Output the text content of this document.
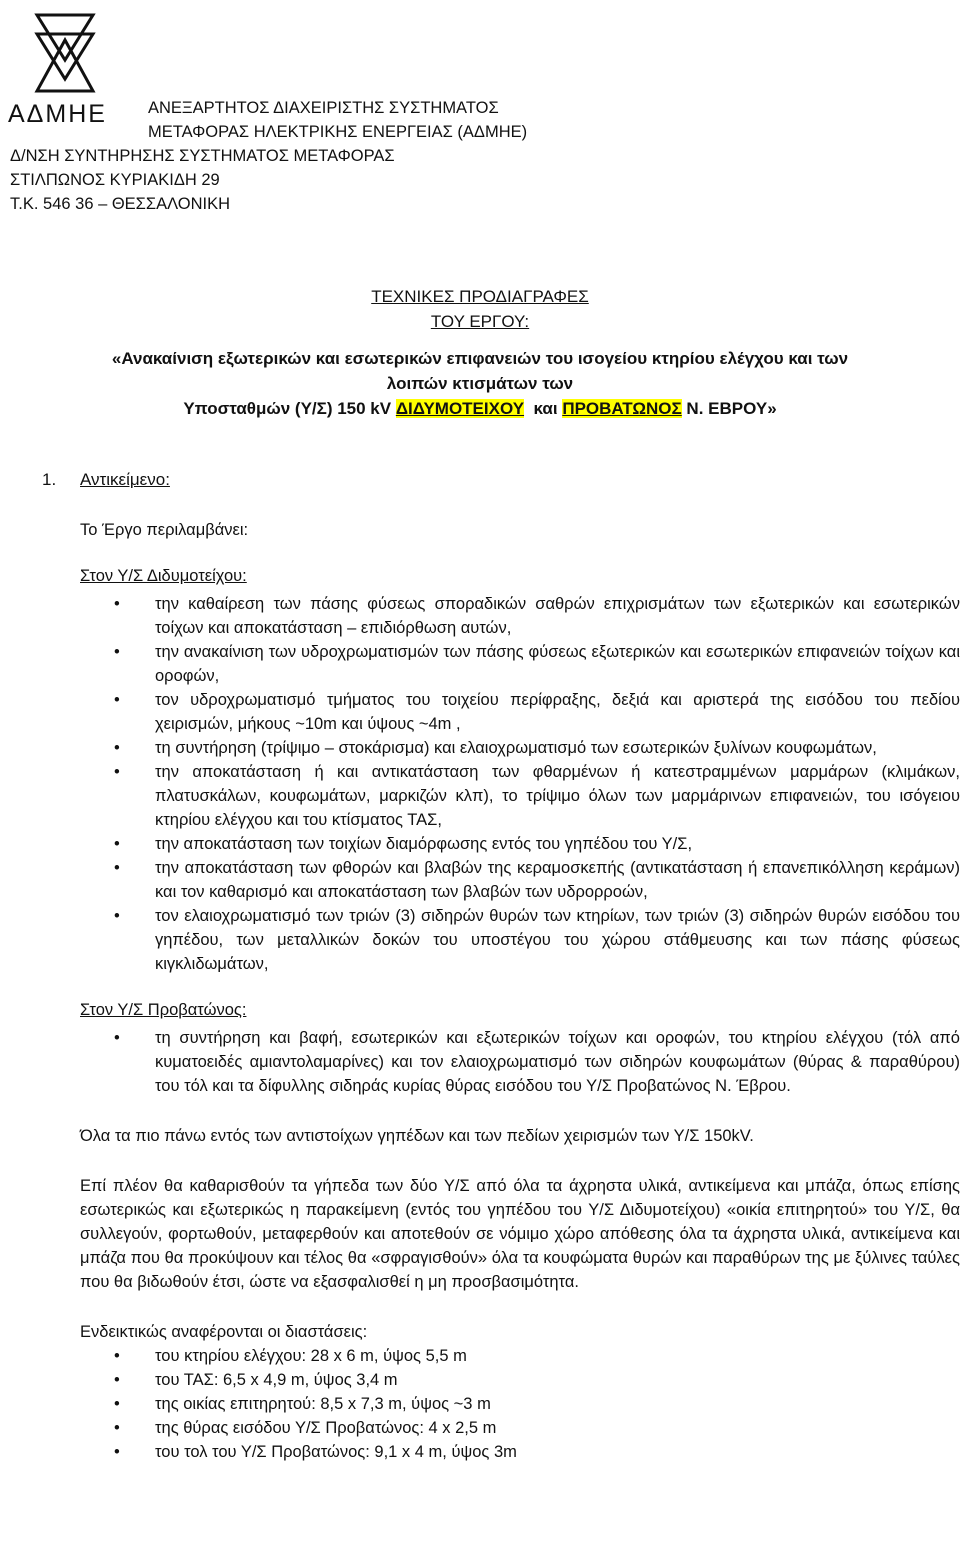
ΑΔΜΗΕ	ΑΝΕΞΑΡΤΗΤΟΣ ΔΙΑΧΕΙΡΙΣΤΗΣ ΣΥΣΤΗΜΑΤΟΣ
ΜΕΤΑΦΟΡΑΣ ΗΛΕΚΤΡΙΚΗΣ ΕΝΕΡΓΕΙΑΣ (ΑΔΜΗΕ)
Δ/ΝΣΗ ΣΥΝΤΗΡΗΣΗΣ ΣΥΣΤΗΜΑΤΟΣ ΜΕΤΑΦΟΡΑΣ
ΣΤΙΛΠΩΝΟΣ ΚΥΡΙΑΚΙΔΗ 29
Τ.Κ. 546 36 – ΘΕΣΣΑΛΟΝΙΚΗ
ΤΕΧΝΙΚΕΣ ΠΡΟΔΙΑΓΡΑΦΕΣ
ΤΟΥ ΕΡΓΟΥ:
«Ανακαίνιση εξωτερικών και εσωτερικών επιφανειών του ισογείου κτηρίου ελέγχου και των
λοιπών κτισμάτων των
Υποσταθμών (Υ/Σ) 150 kV ΔΙΔΥΜΟΤΕΙΧΟΥ  και ΠΡΟΒΑΤΩΝΟΣ Ν. ΕΒΡΟΥ»
1. Αντικείμενο:

Το Έργο περιλαμβάνει:

Στον Υ/Σ Διδυμοτείχου:
• την καθαίρεση των πάσης φύσεως σποραδικών σαθρών επιχρισμάτων των εξωτερικών και εσωτερικών τοίχων και αποκατάσταση – επιδιόρθωση αυτών,
• την ανακαίνιση των υδροχρωματισμών των πάσης φύσεως εξωτερικών και εσωτερικών επιφανειών τοίχων και οροφών,
• τον υδροχρωματισμό τμήματος του τοιχείου περίφραξης, δεξιά και αριστερά της εισόδου του πεδίου χειρισμών, μήκους ~10m και ύψους ~4m ,
• τη συντήρηση (τρίψιμο – στοκάρισμα) και ελαιοχρωματισμό των εσωτερικών ξυλίνων κουφωμάτων,
• την αποκατάσταση ή και αντικατάσταση των φθαρμένων ή κατεστραμμένων μαρμάρων (κλιμάκων, πλατυσκάλων, κουφωμάτων, μαρκιζών κλπ), το τρίψιμο όλων των μαρμάρινων επιφανειών, του ισόγειου κτηρίου ελέγχου και του κτίσματος ΤΑΣ,
• την αποκατάσταση των τοιχίων διαμόρφωσης εντός του γηπέδου του Υ/Σ,
• την αποκατάσταση των φθορών και βλαβών της κεραμοσκεπής (αντικατάσταση ή επανεπικόλληση κεράμων) και τον καθαρισμό και αποκατάσταση των βλαβών των υδρορροών,
• τον ελαιοχρωματισμό των τριών (3) σιδηρών θυρών των κτηρίων, των τριών (3) σιδηρών θυρών εισόδου του γηπέδου, των μεταλλικών δοκών του υποστέγου του χώρου στάθμευσης και των πάσης φύσεως κιγκλιδωμάτων,
Στον Υ/Σ Προβατώνος:
• τη συντήρηση και βαφή, εσωτερικών και εξωτερικών τοίχων και οροφών, του κτηρίου ελέγχου (τόλ από κυματοειδές αμιαντολαμαρίνες) και τον ελαιοχρωματισμό των σιδηρών κουφωμάτων (θύρας & παραθύρου) του τόλ και τα δίφυλλης σιδηράς κυρίας θύρας εισόδου του Υ/Σ Προβατώνος Ν. Έβρου.

Όλα τα πιο πάνω εντός των αντιστοίχων γηπέδων και των πεδίων χειρισμών των Υ/Σ 150kV.

Επί πλέον θα καθαρισθούν τα γήπεδα των δύο Υ/Σ από όλα τα άχρηστα υλικά, αντικείμενα και μπάζα, όπως επίσης εσωτερικώς και εξωτερικώς η παρακείμενη (εντός του γηπέδου του Υ/Σ Διδυμοτείχου) «οικία επιτηρητού» του Υ/Σ, θα συλλεγούν, φορτωθούν, μεταφερθούν και αποτεθούν σε νόμιμο χώρο απόθεσης όλα τα άχρηστα υλικά, αντικείμενα και μπάζα που θα προκύψουν και τέλος θα «σφραγισθούν» όλα τα κουφώματα θυρών και παραθύρων της με ξύλινες ταύλες που θα βιδωθούν έτσι, ώστε να εξασφαλισθεί η μη προσβασιμότητα.

Ενδεικτικώς αναφέρονται οι διαστάσεις:

• του κτηρίου ελέγχου: 28 x 6 m, ύψος 5,5 m
• του ΤΑΣ: 6,5 x 4,9 m, ύψος 3,4 m
• της οικίας επιτηρητού: 8,5 x 7,3 m, ύψος ~3 m
• της θύρας εισόδου Υ/Σ Προβατώνος: 4 x 2,5 m
• του τολ του Υ/Σ Προβατώνος: 9,1 x 4 m, ύψος 3m
